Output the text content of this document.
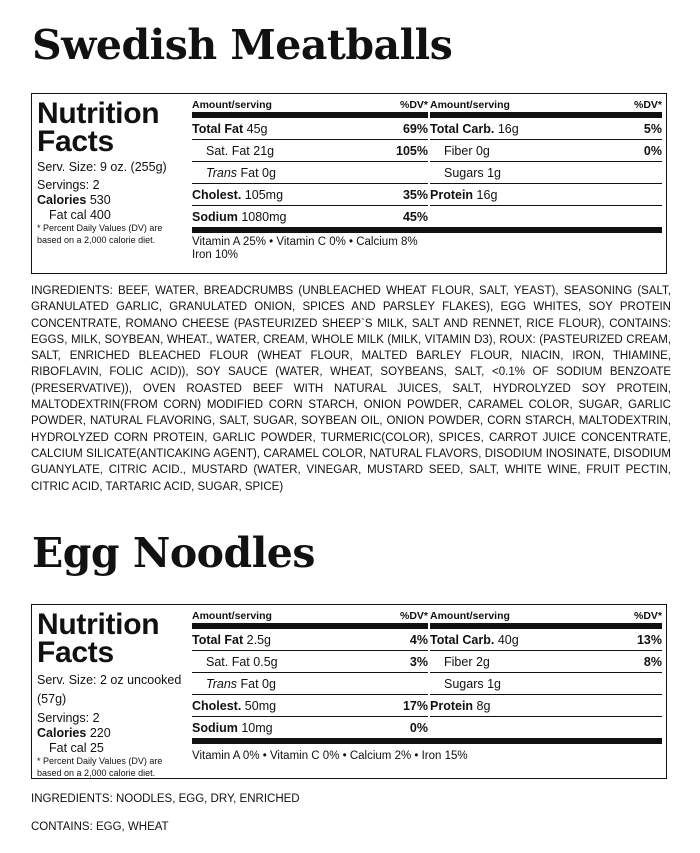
Swedish Meatballs
Nutrition
Facts
Serv. Size: 9 oz. (255g)
Servings: 2
Calories 530
Fat cal 400
* Percent Daily Values (DV) are based on a 2,000 calorie diet.
Amount/serving	%DV*
Total Fat 45g	69%
Sat. Fat 21g	105%
Trans Fat 0g
Cholest. 105mg	35%
Sodium 1080mg	45%
Amount/serving	%DV*
Total Carb. 16g	5%
Fiber 0g	0%
Sugars 1g
Protein 16g
Vitamin A 25% • Vitamin C 0% • Calcium 8%
Iron 10%

INGREDIENTS: BEEF, WATER, BREADCRUMBS (UNBLEACHED WHEAT FLOUR, SALT, YEAST), SEASONING (SALT, GRANULATED GARLIC, GRANULATED ONION, SPICES AND PARSLEY FLAKES), EGG WHITES, SOY PROTEIN CONCENTRATE, ROMANO CHEESE (PASTEURIZED SHEEP`S MILK, SALT AND RENNET, RICE FLOUR), CONTAINS: EGGS, MILK, SOYBEAN, WHEAT., WATER, CREAM, WHOLE MILK (MILK, VITAMIN D3), ROUX: (PASTEURIZED CREAM, SALT, ENRICHED BLEACHED FLOUR (WHEAT FLOUR, MALTED BARLEY FLOUR, NIACIN, IRON, THIAMINE, RIBOFLAVIN, FOLIC ACID)), SOY SAUCE (WATER, WHEAT, SOYBEANS, SALT, <0.1% OF SODIUM BENZOATE (PRESERVATIVE)), OVEN ROASTED BEEF WITH NATURAL JUICES, SALT, HYDROLYZED SOY PROTEIN, MALTODEXTRIN(FROM CORN) MODIFIED CORN STARCH, ONION POWDER, CARAMEL COLOR, SUGAR, GARLIC POWDER, NATURAL FLAVORING, SALT, SUGAR, SOYBEAN OIL, ONION POWDER, CORN STARCH, MALTODEXTRIN, HYDROLYZED CORN PROTEIN, GARLIC POWDER, TURMERIC(COLOR), SPICES, CARROT JUICE CONCENTRATE, CALCIUM SILICATE(ANTICAKING AGENT), CARAMEL COLOR, NATURAL FLAVORS, DISODIUM INOSINATE, DISODIUM GUANYLATE, CITRIC ACID., MUSTARD (WATER, VINEGAR, MUSTARD SEED, SALT, WHITE WINE, FRUIT PECTIN, CITRIC ACID, TARTARIC ACID, SUGAR, SPICE)

Egg Noodles
Nutrition
Facts
Serv. Size: 2 oz uncooked
(57g)
Servings: 2
Calories 220
Fat cal 25
* Percent Daily Values (DV) are based on a 2,000 calorie diet.
Amount/serving	%DV*
Total Fat 2.5g	4%
Sat. Fat 0.5g	3%
Trans Fat 0g
Cholest. 50mg	17%
Sodium 10mg	0%
Amount/serving	%DV*
Total Carb. 40g	13%
Fiber 2g	8%
Sugars 1g
Protein 8g
Vitamin A 0% • Vitamin C 0% • Calcium 2% • Iron 15%

INGREDIENTS: NOODLES, EGG, DRY, ENRICHED

CONTAINS: EGG, WHEAT
